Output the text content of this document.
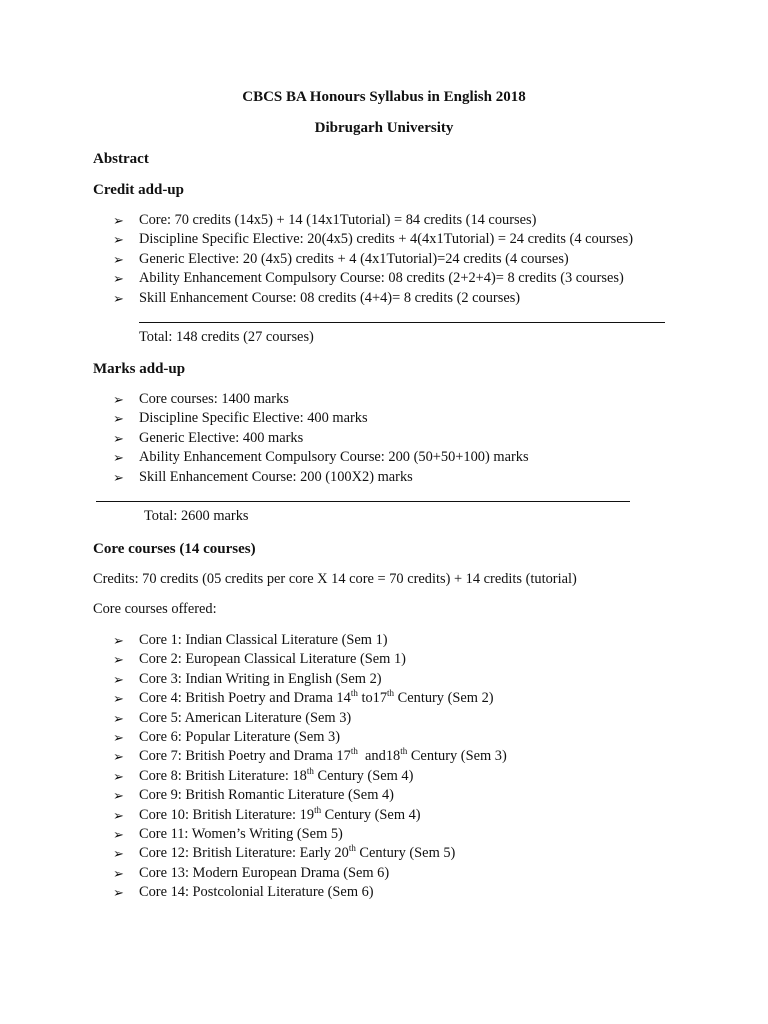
CBCS BA Honours Syllabus in English 2018

Dibrugarh University

Abstract

Credit add-up

➢	Core: 70 credits (14x5) + 14 (14x1Tutorial) = 84 credits (14 courses)
➢	Discipline Specific Elective: 20(4x5) credits + 4(4x1Tutorial) = 24 credits (4 courses)
➢	Generic Elective: 20 (4x5) credits + 4 (4x1Tutorial)=24 credits (4 courses)
➢	Ability Enhancement Compulsory Course: 08 credits (2+2+4)= 8 credits (3 courses)
➢	Skill Enhancement Course: 08 credits (4+4)= 8 credits (2 courses)

Total: 148 credits (27 courses)

Marks add-up

➢	Core courses: 1400 marks
➢	Discipline Specific Elective: 400 marks
➢	Generic Elective: 400 marks
➢	Ability Enhancement Compulsory Course: 200 (50+50+100) marks
➢	Skill Enhancement Course: 200 (100X2) marks

Total: 2600 marks

Core courses (14 courses)

Credits: 70 credits (05 credits per core X 14 core = 70 credits) + 14 credits (tutorial)

Core courses offered:

➢	Core 1: Indian Classical Literature (Sem 1)
➢	Core 2: European Classical Literature (Sem 1)
➢	Core 3: Indian Writing in English (Sem 2)
➢	Core 4: British Poetry and Drama 14th to17th Century (Sem 2)
➢	Core 5: American Literature (Sem 3)
➢	Core 6: Popular Literature (Sem 3)
➢	Core 7: British Poetry and Drama 17th  and18th Century (Sem 3)
➢	Core 8: British Literature: 18th Century (Sem 4)
➢	Core 9: British Romantic Literature (Sem 4)
➢	Core 10: British Literature: 19th Century (Sem 4)
➢	Core 11: Women’s Writing (Sem 5)
➢	Core 12: British Literature: Early 20th Century (Sem 5)
➢	Core 13: Modern European Drama (Sem 6)
➢	Core 14: Postcolonial Literature (Sem 6)
